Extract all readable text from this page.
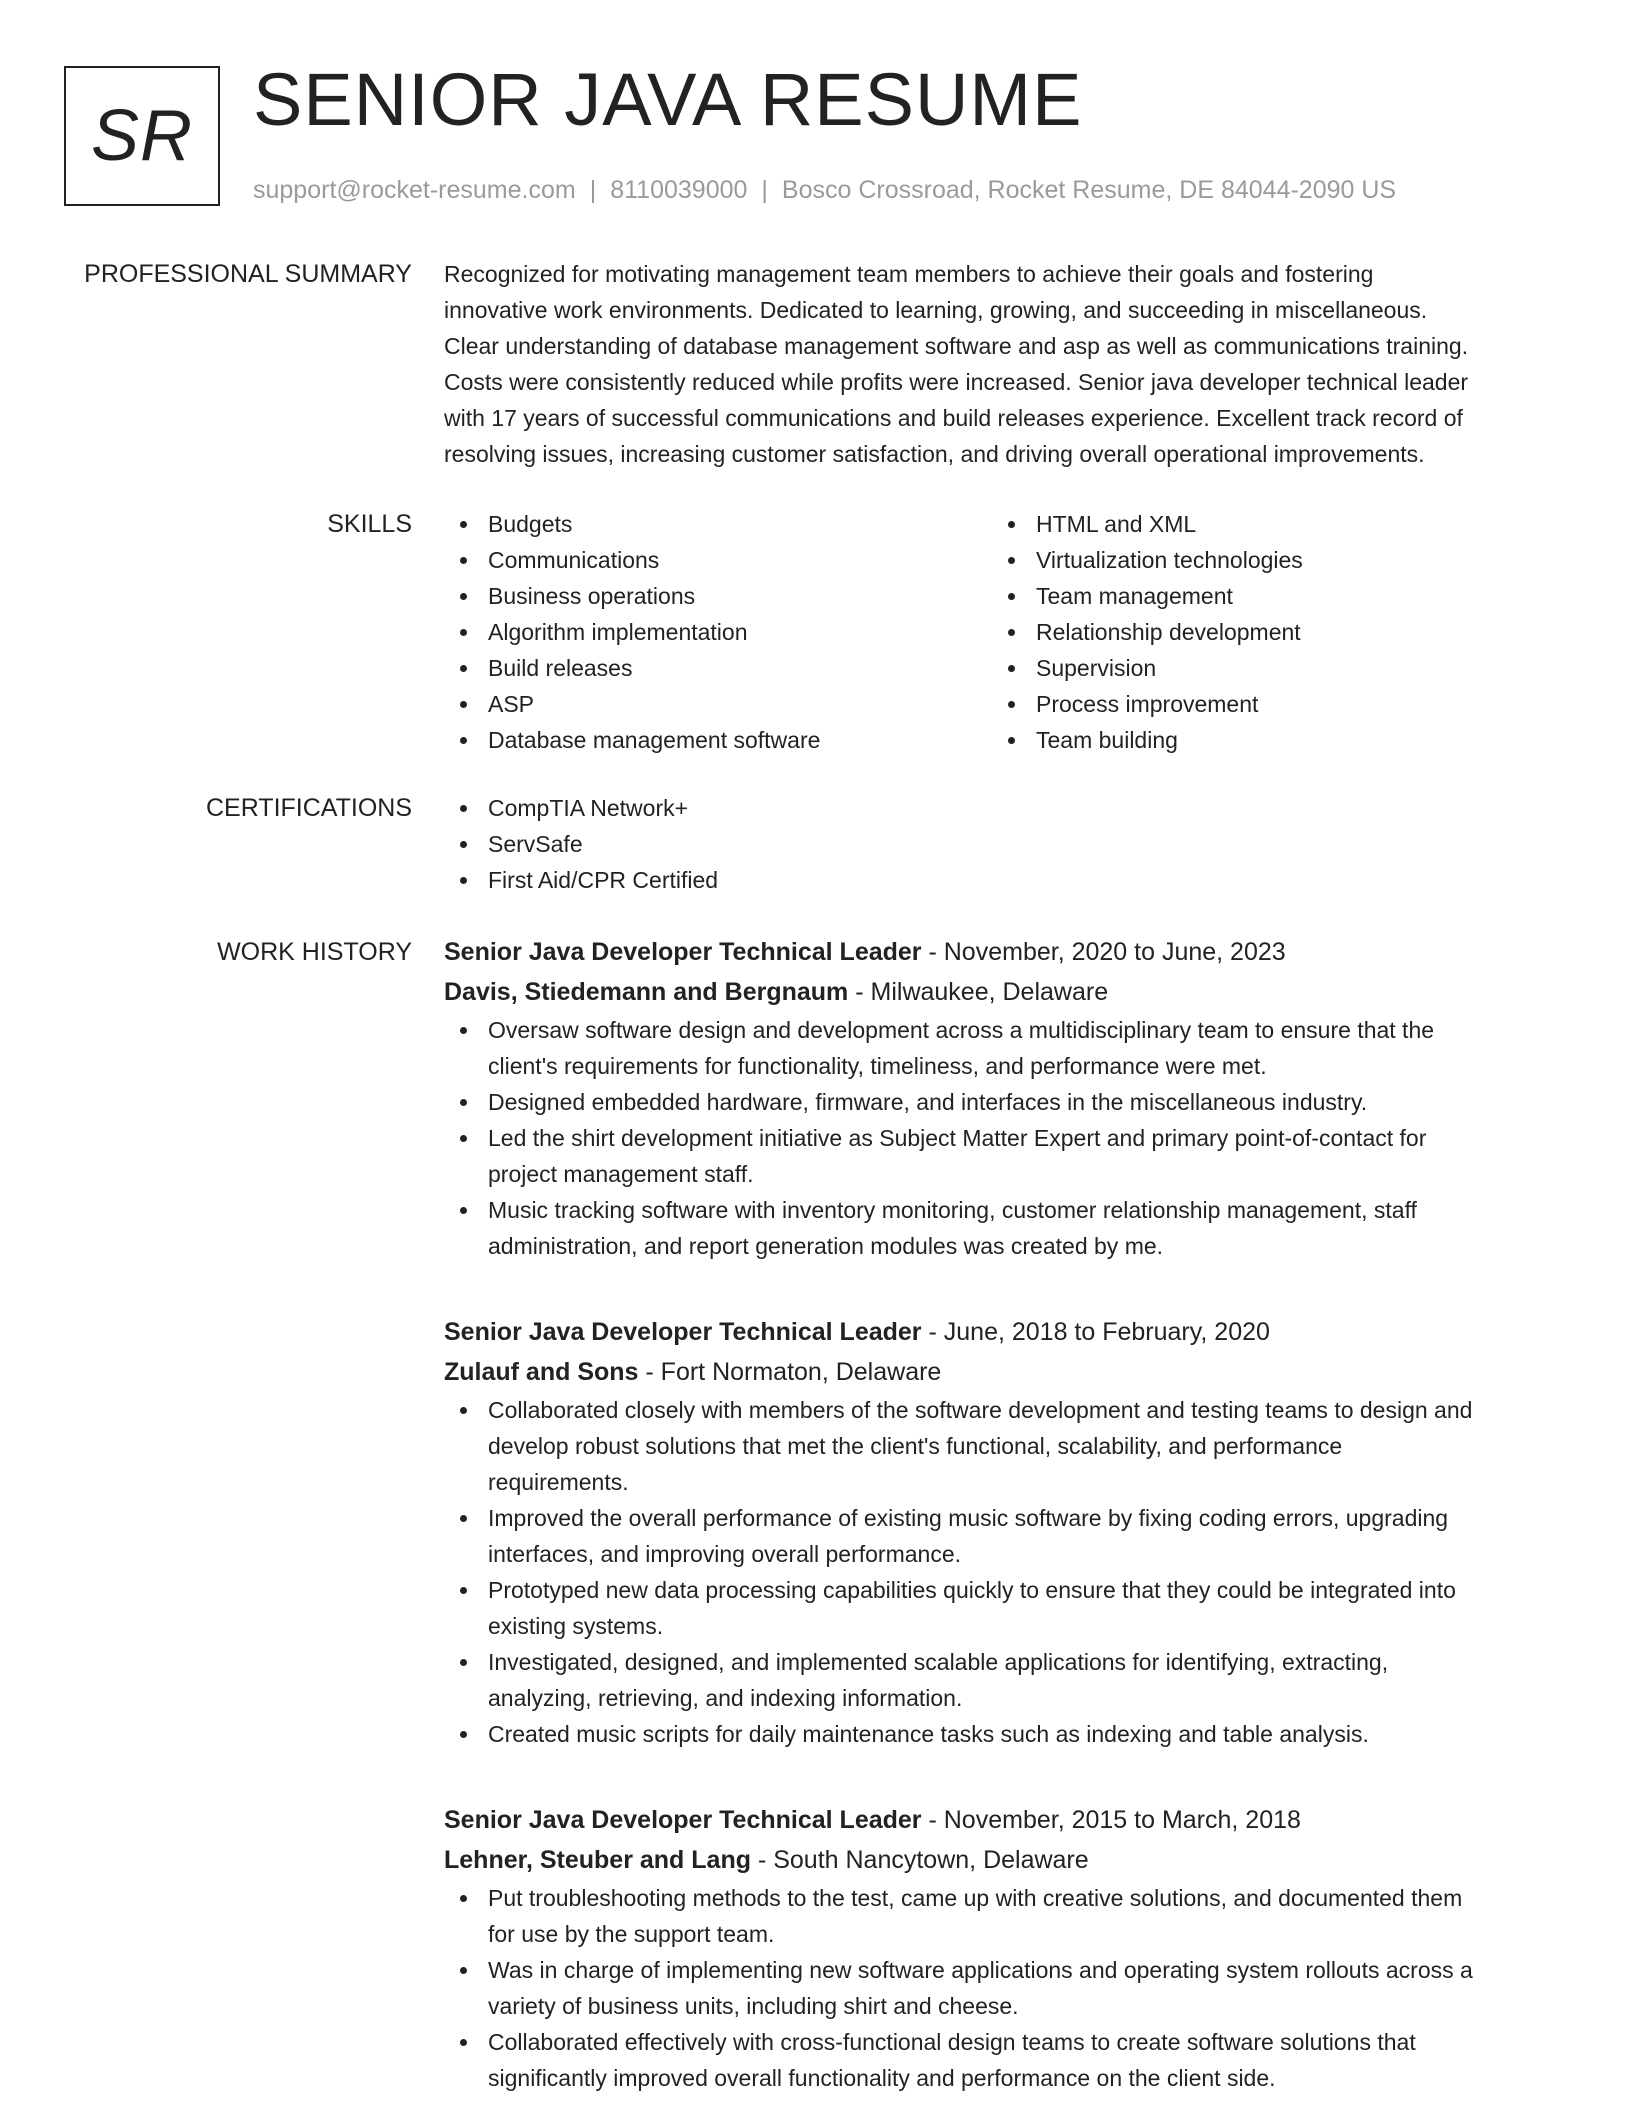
SR SENIOR JAVA RESUME
support@rocket-resume.com | 8110039000 | Bosco Crossroad, Rocket Resume, DE 84044-2090 US
PROFESSIONAL SUMMARY Recognized for motivating management team members to achieve their goals and fostering
innovative work environments. Dedicated to learning, growing, and succeeding in miscellaneous.
Clear understanding of database management software and asp as well as communications training.
Costs were consistently reduced while profits were increased. Senior java developer technical leader
with 17 years of successful communications and build releases experience. Excellent track record of
resolving issues, increasing customer satisfaction, and driving overall operational improvements.
SKILLS	Budgets
Communications
Business operations
Algorithm implementation
Build releases
ASP
Database management software
HTML and XML
Virtualization technologies
Team management
Relationship development
Supervision
Process improvement
Team building
CERTIFICATIONS	CompTIA Network+
ServSafe
First Aid/CPR Certified
WORK HISTORY Senior Java Developer Technical Leader - November, 2020 to June, 2023
Davis, Stiedemann and Bergnaum - Milwaukee, Delaware
Oversaw software design and development across a multidisciplinary team to ensure that the
client's requirements for functionality, timeliness, and performance were met.
Designed embedded hardware, firmware, and interfaces in the miscellaneous industry.
Led the shirt development initiative as Subject Matter Expert and primary point-of-contact for
project management staff.
Music tracking software with inventory monitoring, customer relationship management, staff
administration, and report generation modules was created by me.
Senior Java Developer Technical Leader - June, 2018 to February, 2020
Zulauf and Sons - Fort Normaton, Delaware
Collaborated closely with members of the software development and testing teams to design and
develop robust solutions that met the client's functional, scalability, and performance
requirements.
Improved the overall performance of existing music software by fixing coding errors, upgrading
interfaces, and improving overall performance.
Prototyped new data processing capabilities quickly to ensure that they could be integrated into
existing systems.
Investigated, designed, and implemented scalable applications for identifying, extracting,
analyzing, retrieving, and indexing information.
Created music scripts for daily maintenance tasks such as indexing and table analysis.
Senior Java Developer Technical Leader - November, 2015 to March, 2018
Lehner, Steuber and Lang - South Nancytown, Delaware
Put troubleshooting methods to the test, came up with creative solutions, and documented them
for use by the support team.
Was in charge of implementing new software applications and operating system rollouts across a
variety of business units, including shirt and cheese.
Collaborated effectively with cross-functional design teams to create software solutions that
significantly improved overall functionality and performance on the client side.
